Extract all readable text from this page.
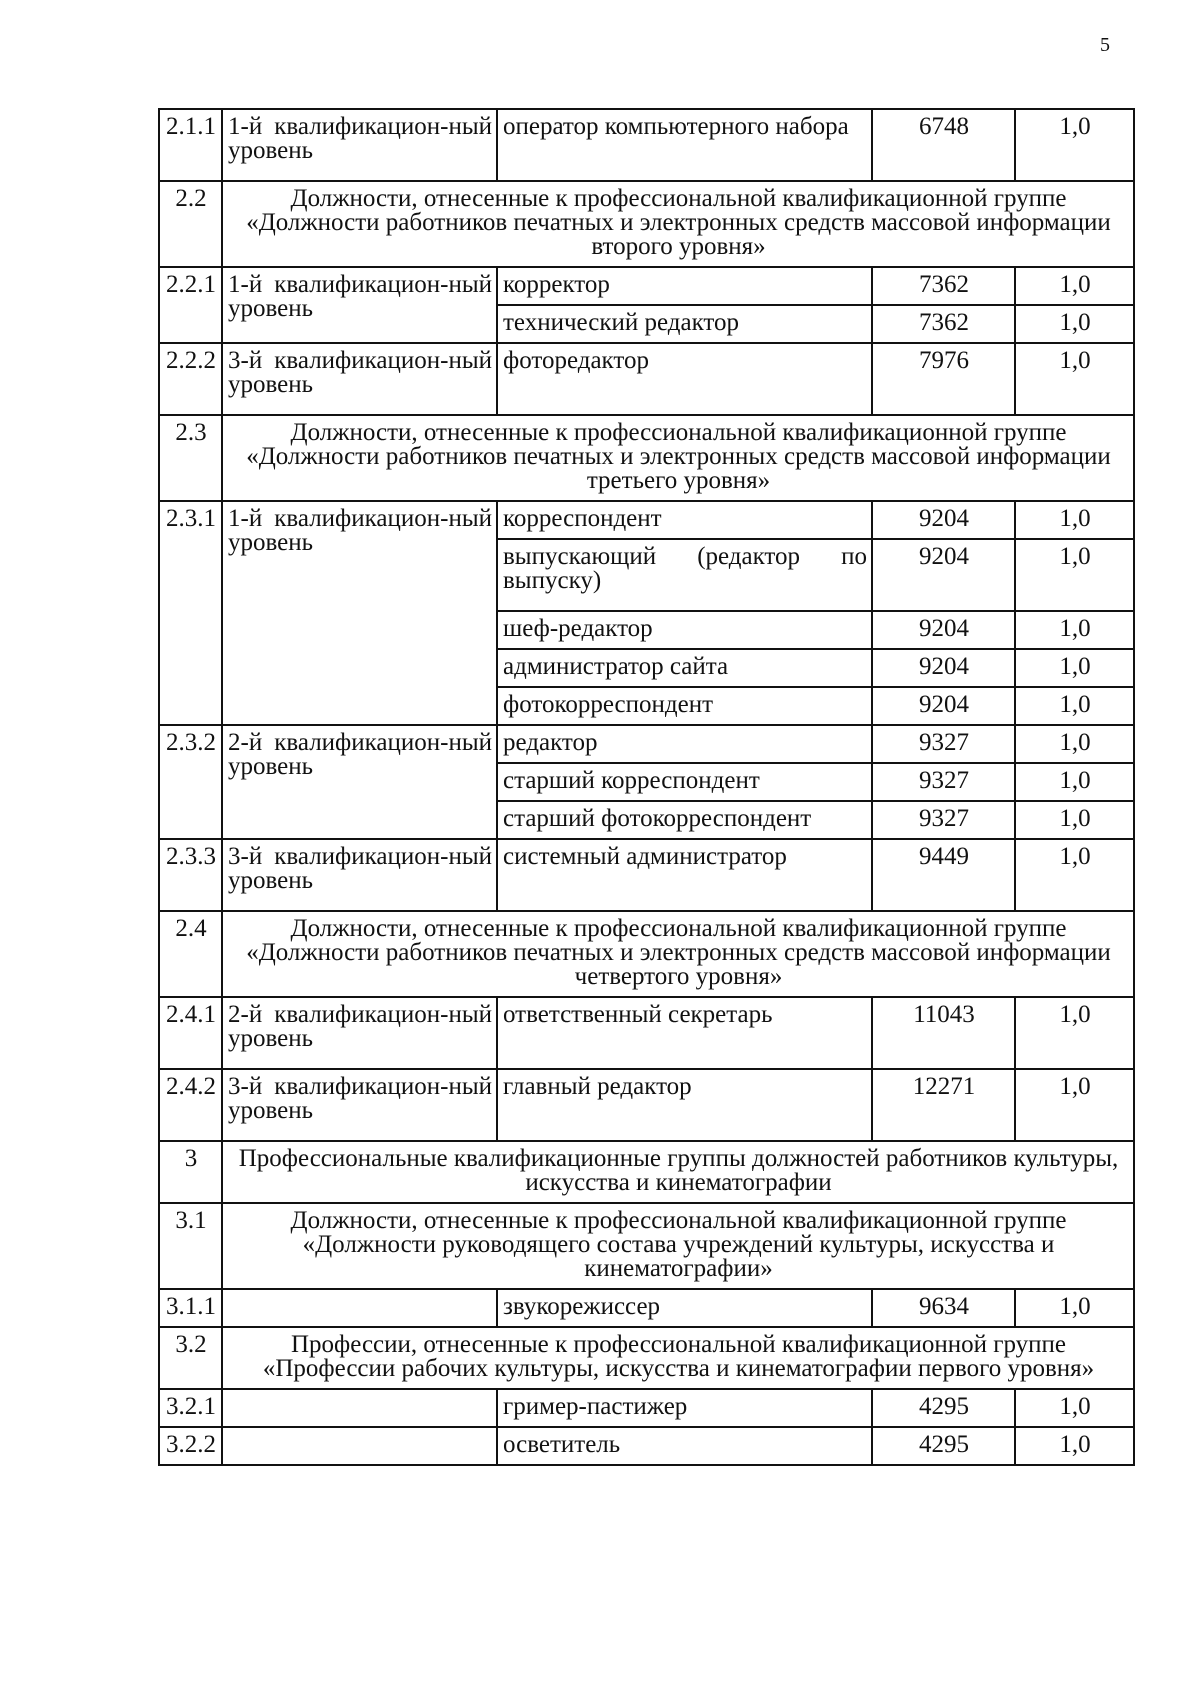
5
2.1.1	1-й квалификацион-ный уровень	оператор компьютерного набора	6748	1,0
2.2	Должности, отнесенные к профессиональной квалификационной группе «Должности работников печатных и электронных средств массовой информации второго уровня»			
2.2.1	1-й квалификацион-ный уровень	корректор	7362	1,0
		технический редактор	7362	1,0
2.2.2	3-й квалификацион-ный уровень	фоторедактор	7976	1,0
2.3	Должности, отнесенные к профессиональной квалификационной группе «Должности работников печатных и электронных средств массовой информации третьего уровня»			
2.3.1	1-й квалификацион-ный уровень	корреспондент	9204	1,0
		выпускающий (редактор по выпуску)	9204	1,0
		шеф-редактор	9204	1,0
		администратор сайта	9204	1,0
		фотокорреспондент	9204	1,0
2.3.2	2-й квалификацион-ный уровень	редактор	9327	1,0
		старший корреспондент	9327	1,0
		старший фотокорреспондент	9327	1,0
2.3.3	3-й квалификацион-ный уровень	системный администратор	9449	1,0
2.4	Должности, отнесенные к профессиональной квалификационной группе «Должности работников печатных и электронных средств массовой информации четвертого уровня»			
2.4.1	2-й квалификацион-ный уровень	ответственный секретарь	11043	1,0
2.4.2	3-й квалификацион-ный уровень	главный редактор	12271	1,0
3	Профессиональные квалификационные группы должностей работников культуры, искусства и кинематографии			
3.1	Должности, отнесенные к профессиональной квалификационной группе «Должности руководящего состава учреждений культуры, искусства и кинематографии»			
3.1.1		звукорежиссер	9634	1,0
3.2	Профессии, отнесенные к профессиональной квалификационной группе «Профессии рабочих культуры, искусства и кинематографии первого уровня»			
3.2.1		гример-пастижер	4295	1,0
3.2.2		осветитель	4295	1,0
